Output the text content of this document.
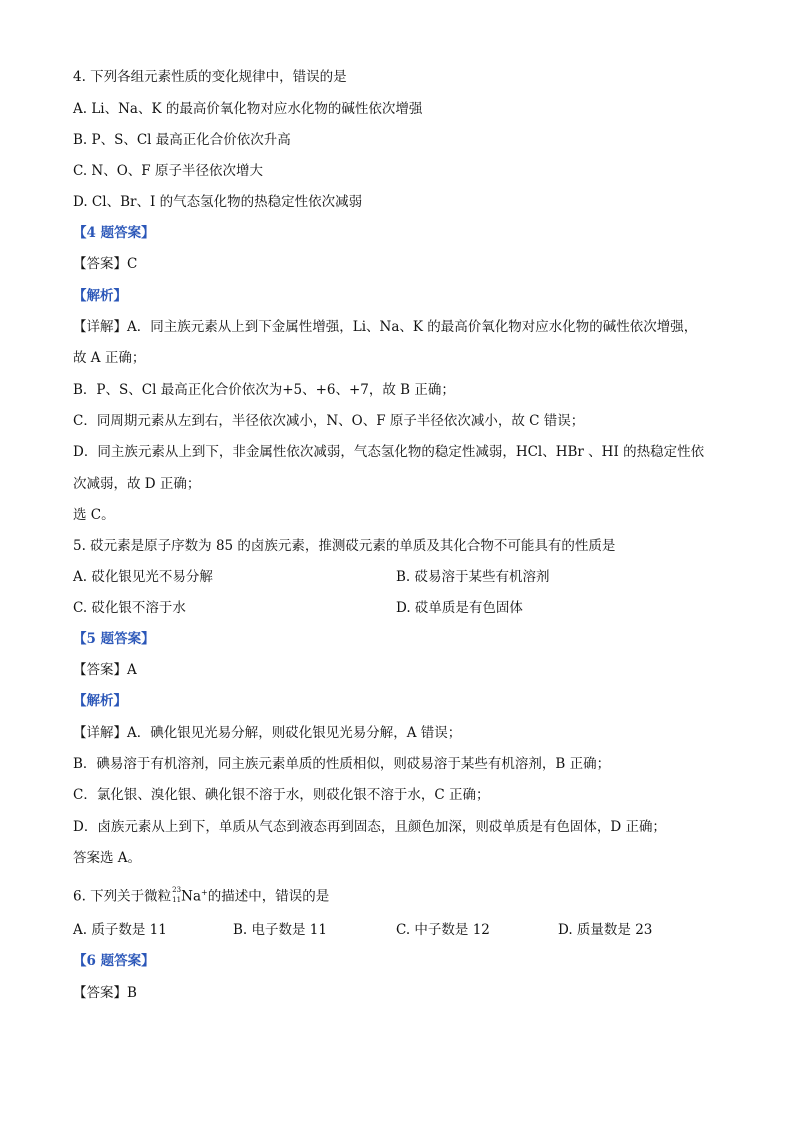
4. 下列各组元素性质的变化规律中，错误的是
A. Li、Na、K 的最高价氧化物对应水化物的碱性依次增强
B. P、S、Cl 最高正化合价依次升高
C. N、O、F 原子半径依次增大
D. Cl、Br、I 的气态氢化物的热稳定性依次减弱
【4 题答案】
【答案】C
【解析】
【详解】A．同主族元素从上到下金属性增强，Li、Na、K 的最高价氧化物对应水化物的碱性依次增强，
故 A 正确；
B．P、S、Cl 最高正化合价依次为+5、+6、+7，故 B 正确；
C．同周期元素从左到右，半径依次减小，N、O、F 原子半径依次减小，故 C 错误；
D．同主族元素从上到下，非金属性依次减弱，气态氢化物的稳定性减弱，HCl、HBr 、HI 的热稳定性依
次减弱，故 D 正确；
选 C。
5. 砹元素是原子序数为 85 的卤族元素，推测砹元素的单质及其化合物不可能具有的性质是
A. 砹化银见光不易分解	B. 砹易溶于某些有机溶剂
C. 砹化银不溶于水	D. 砹单质是有色固体
【5 题答案】
【答案】A
【解析】
【详解】A．碘化银见光易分解，则砹化银见光易分解，A 错误；
B．碘易溶于有机溶剂，同主族元素单质的性质相似，则砹易溶于某些有机溶剂，B 正确；
C．氯化银、溴化银、碘化银不溶于水，则砹化银不溶于水，C 正确；
D．卤族元素从上到下，单质从气态到液态再到固态，且颜色加深，则砹单质是有色固体，D 正确；
答案选 A。
6. 下列关于微粒 23
11 Na+的描述中，错误的是
A. 质子数是 11	B. 电子数是 11	C. 中子数是 12	D. 质量数是 23
【6 题答案】
【答案】B
